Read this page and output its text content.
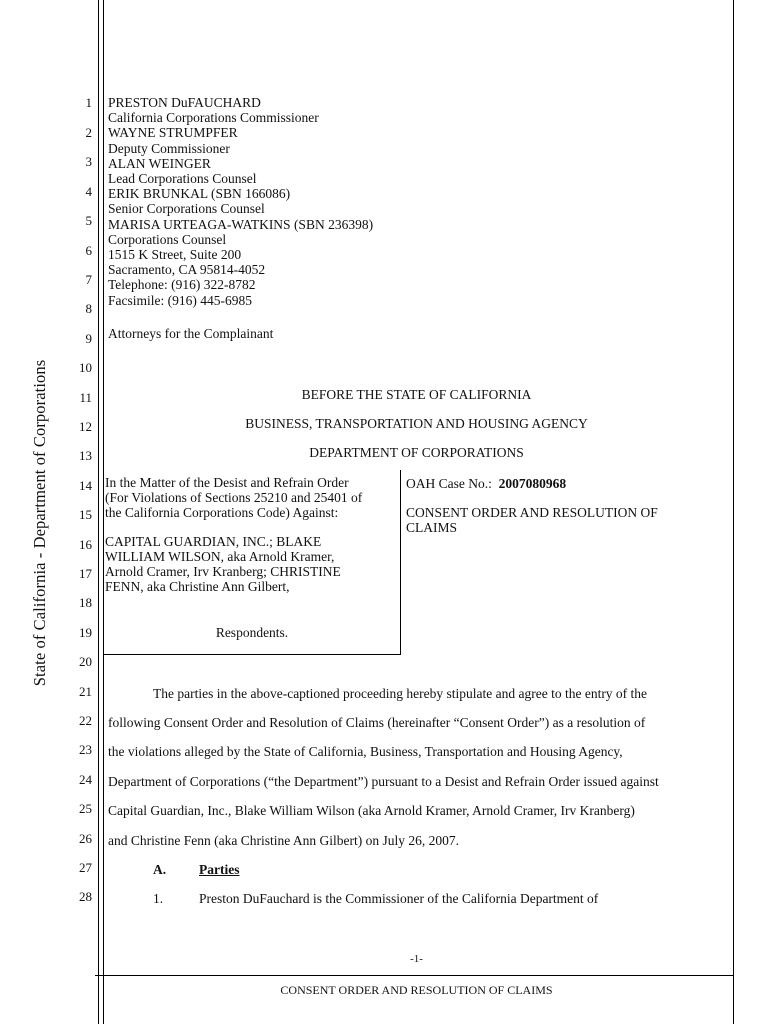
State of California - Department of Corporations
1
2
3
4
5
6
7
8
9
10
11
12
13
14
15
16
17
18
19
20
21
22
23
24
25
26
27
28
PRESTON DuFAUCHARD
California Corporations Commissioner
WAYNE STRUMPFER
Deputy Commissioner
ALAN WEINGER
Lead Corporations Counsel
ERIK BRUNKAL (SBN 166086)
Senior Corporations Counsel
MARISA URTEAGA-WATKINS (SBN 236398)
Corporations Counsel
1515 K Street, Suite 200
Sacramento, CA 95814-4052
Telephone: (916) 322-8782
Facsimile: (916) 445-6985
Attorneys for the Complainant
BEFORE THE STATE OF CALIFORNIA
BUSINESS, TRANSPORTATION AND HOUSING AGENCY
DEPARTMENT OF CORPORATIONS
In the Matter of the Desist and Refrain Order
(For Violations of Sections 25210 and 25401 of
the California Corporations Code) Against:
CAPITAL GUARDIAN, INC.; BLAKE
WILLIAM WILSON, aka Arnold Kramer,
Arnold Cramer, Irv Kranberg; CHRISTINE
FENN, aka Christine Ann Gilbert,
Respondents.
OAH Case No.: 2007080968
CONSENT ORDER AND RESOLUTION OF
CLAIMS
The parties in the above-captioned proceeding hereby stipulate and agree to the entry of the
following Consent Order and Resolution of Claims (hereinafter “Consent Order”) as a resolution of
the violations alleged by the State of California, Business, Transportation and Housing Agency,
Department of Corporations (“the Department”) pursuant to a Desist and Refrain Order issued against
Capital Guardian, Inc., Blake William Wilson (aka Arnold Kramer, Arnold Cramer, Irv Kranberg)
and Christine Fenn (aka Christine Ann Gilbert) on July 26, 2007.
A. Parties
1.	Preston DuFauchard is the Commissioner of the California Department of
-1-
CONSENT ORDER AND RESOLUTION OF CLAIMS
